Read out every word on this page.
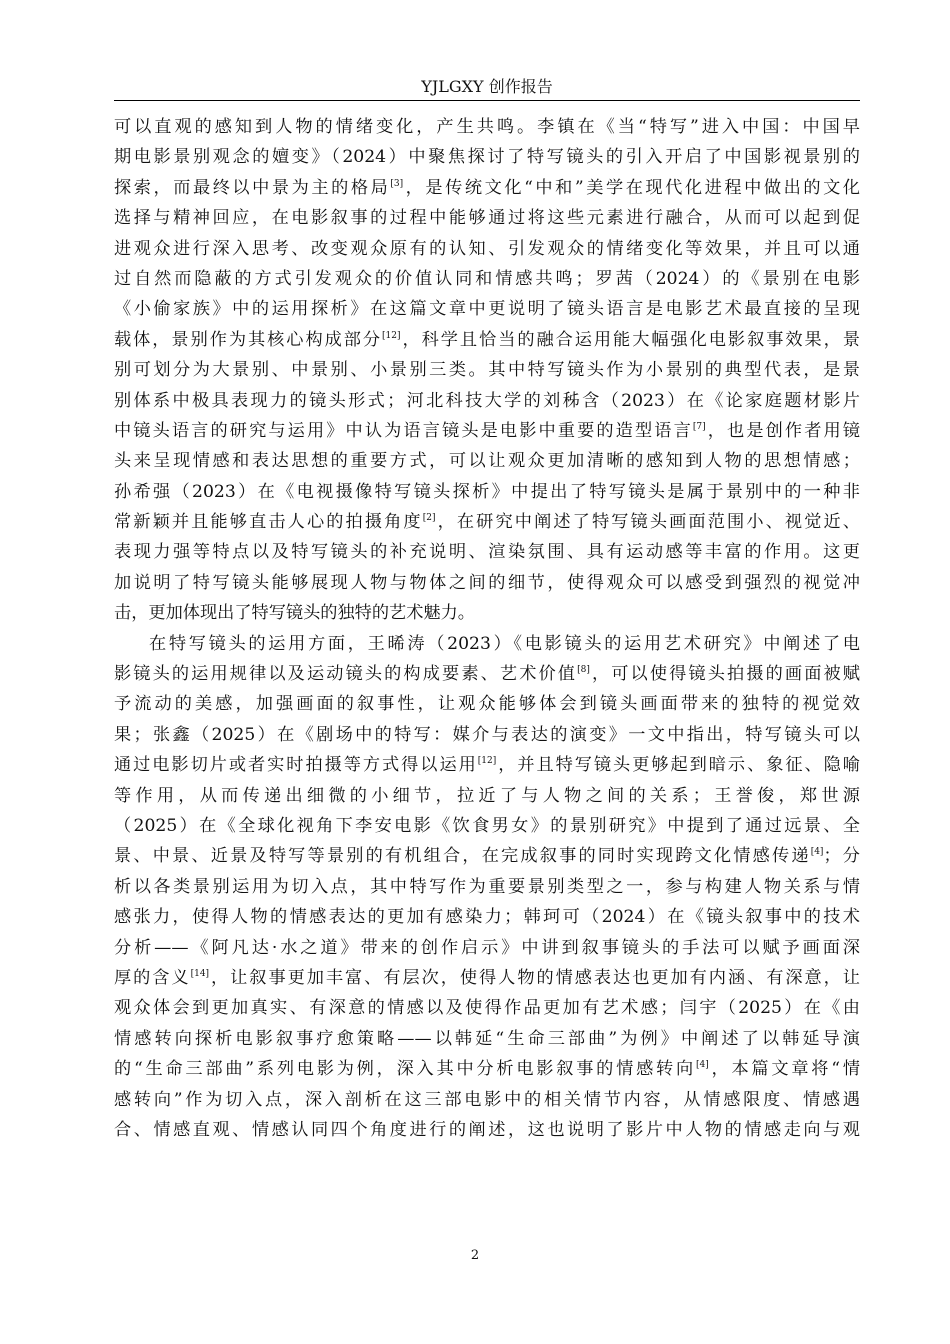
YJLGXY 创作报告
可以直观的感知到人物的情绪变化，产生共鸣。李镇在《当“特写”进入中国：中国早
期电影景别观念的嬗变》（2024）中聚焦探讨了特写镜头的引入开启了中国影视景别的
探索，而最终以中景为主的格局[3]，是传统文化“中和”美学在现代化进程中做出的文化
选择与精神回应，在电影叙事的过程中能够通过将这些元素进行融合，从而可以起到促
进观众进行深入思考、改变观众原有的认知、引发观众的情绪变化等效果，并且可以通
过自然而隐蔽的方式引发观众的价值认同和情感共鸣；罗茜（2024）的《景别在电影
《小偷家族》中的运用探析》在这篇文章中更说明了镜头语言是电影艺术最直接的呈现
载体，景别作为其核心构成部分[12]，科学且恰当的融合运用能大幅强化电影叙事效果，景
别可划分为大景别、中景别、小景别三类。其中特写镜头作为小景别的典型代表，是景
别体系中极具表现力的镜头形式；河北科技大学的刘秭含（2023）在《论家庭题材影片
中镜头语言的研究与运用》中认为语言镜头是电影中重要的造型语言[7]，也是创作者用镜
头来呈现情感和表达思想的重要方式，可以让观众更加清晰的感知到人物的思想情感；
孙希强（2023）在《电视摄像特写镜头探析》中提出了特写镜头是属于景别中的一种非
常新颖并且能够直击人心的拍摄角度[2]，在研究中阐述了特写镜头画面范围小、视觉近、
表现力强等特点以及特写镜头的补充说明、渲染氛围、具有运动感等丰富的作用。这更
加说明了特写镜头能够展现人物与物体之间的细节，使得观众可以感受到强烈的视觉冲
击，更加体现出了特写镜头的独特的艺术魅力。
在特写镜头的运用方面，王晞涛（2023）《电影镜头的运用艺术研究》中阐述了电
影镜头的运用规律以及运动镜头的构成要素、艺术价值[8]，可以使得镜头拍摄的画面被赋
予流动的美感，加强画面的叙事性，让观众能够体会到镜头画面带来的独特的视觉效
果；张鑫（2025）在《剧场中的特写：媒介与表达的演变》一文中指出，特写镜头可以
通过电影切片或者实时拍摄等方式得以运用[12]，并且特写镜头更够起到暗示、象征、隐喻
等作用，从而传递出细微的小细节，拉近了与人物之间的关系；王誉俊，郑世源
（2025）在《全球化视角下李安电影《饮食男女》的景别研究》中提到了通过远景、全
景、中景、近景及特写等景别的有机组合，在完成叙事的同时实现跨文化情感传递[4]；分
析以各类景别运用为切入点，其中特写作为重要景别类型之一，参与构建人物关系与情
感张力，使得人物的情感表达的更加有感染力；韩珂可（2024）在《镜头叙事中的技术
分析——《阿凡达·水之道》带来的创作启示》中讲到叙事镜头的手法可以赋予画面深
厚的含义[14]，让叙事更加丰富、有层次，使得人物的情感表达也更加有内涵、有深意，让
观众体会到更加真实、有深意的情感以及使得作品更加有艺术感；闫宇（2025）在《由
情感转向探析电影叙事疗愈策略——以韩延“生命三部曲”为例》中阐述了以韩延导演
的“生命三部曲”系列电影为例，深入其中分析电影叙事的情感转向[4]，本篇文章将“情
感转向”作为切入点，深入剖析在这三部电影中的相关情节内容，从情感限度、情感遇
合、情感直观、情感认同四个角度进行的阐述，这也说明了影片中人物的情感走向与观
2
